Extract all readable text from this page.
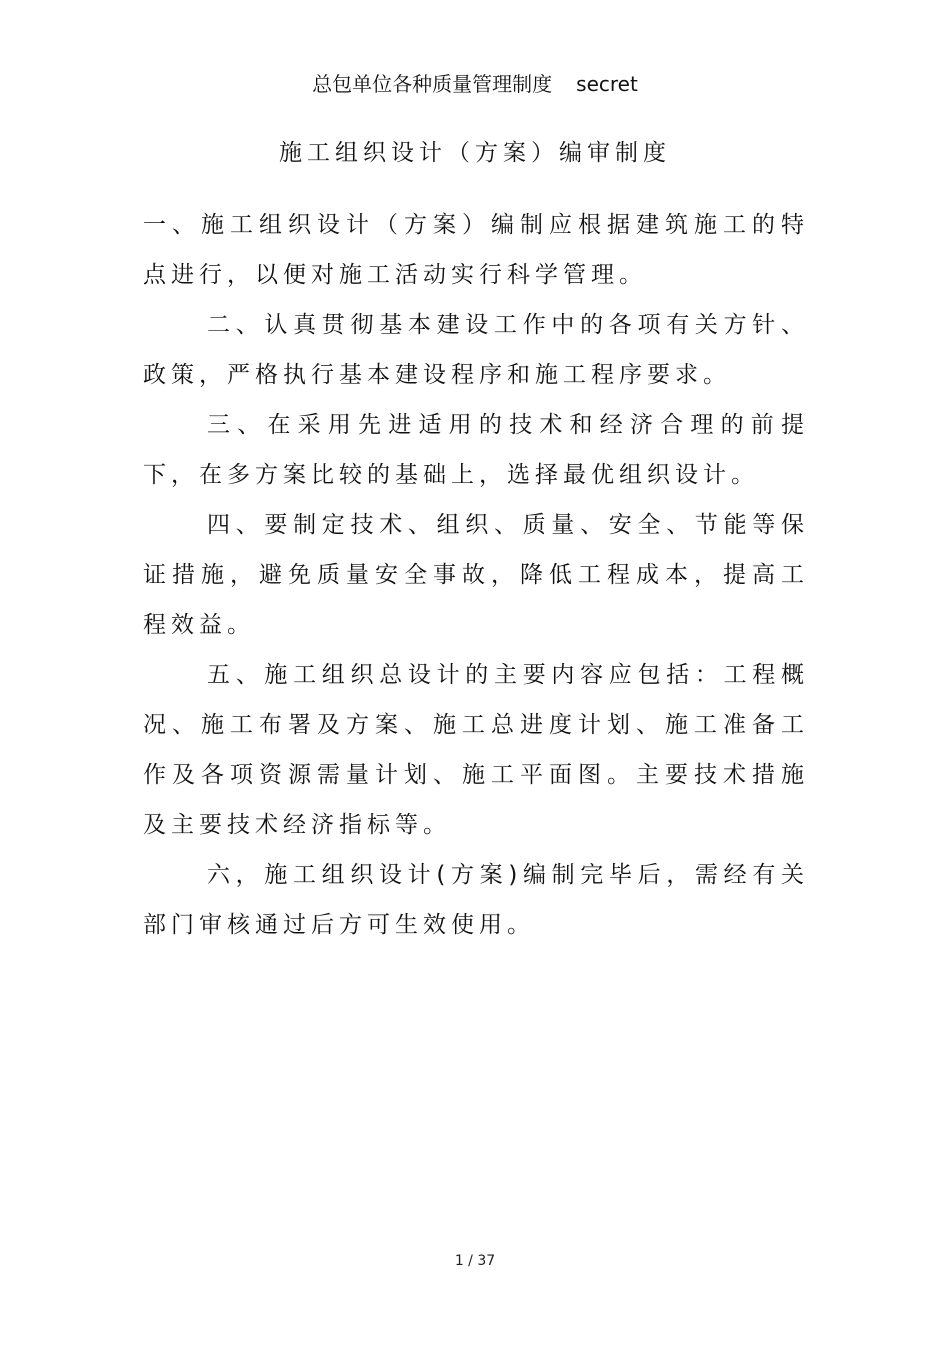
总包单位各种质量管理制度 secret
施工组织设计（方案）编审制度

一、施工组织设计（方案）编制应根据建筑施工的特点进行，以便对施工活动实行科学管理。

二、认真贯彻基本建设工作中的各项有关方针、政策，严格执行基本建设程序和施工程序要求。

三、在采用先进适用的技术和经济合理的前提下，在多方案比较的基础上，选择最优组织设计。

四、要制定技术、组织、质量、安全、节能等保证措施，避免质量安全事故，降低工程成本，提高工程效益。

五、施工组织总设计的主要内容应包括：工程概况、施工布署及方案、施工总进度计划、施工准备工作及各项资源需量计划、施工平面图。主要技术措施及主要技术经济指标等。

六，施工组织设计(方案)编制完毕后，需经有关部门审核通过后方可生效使用。

1 / 37
